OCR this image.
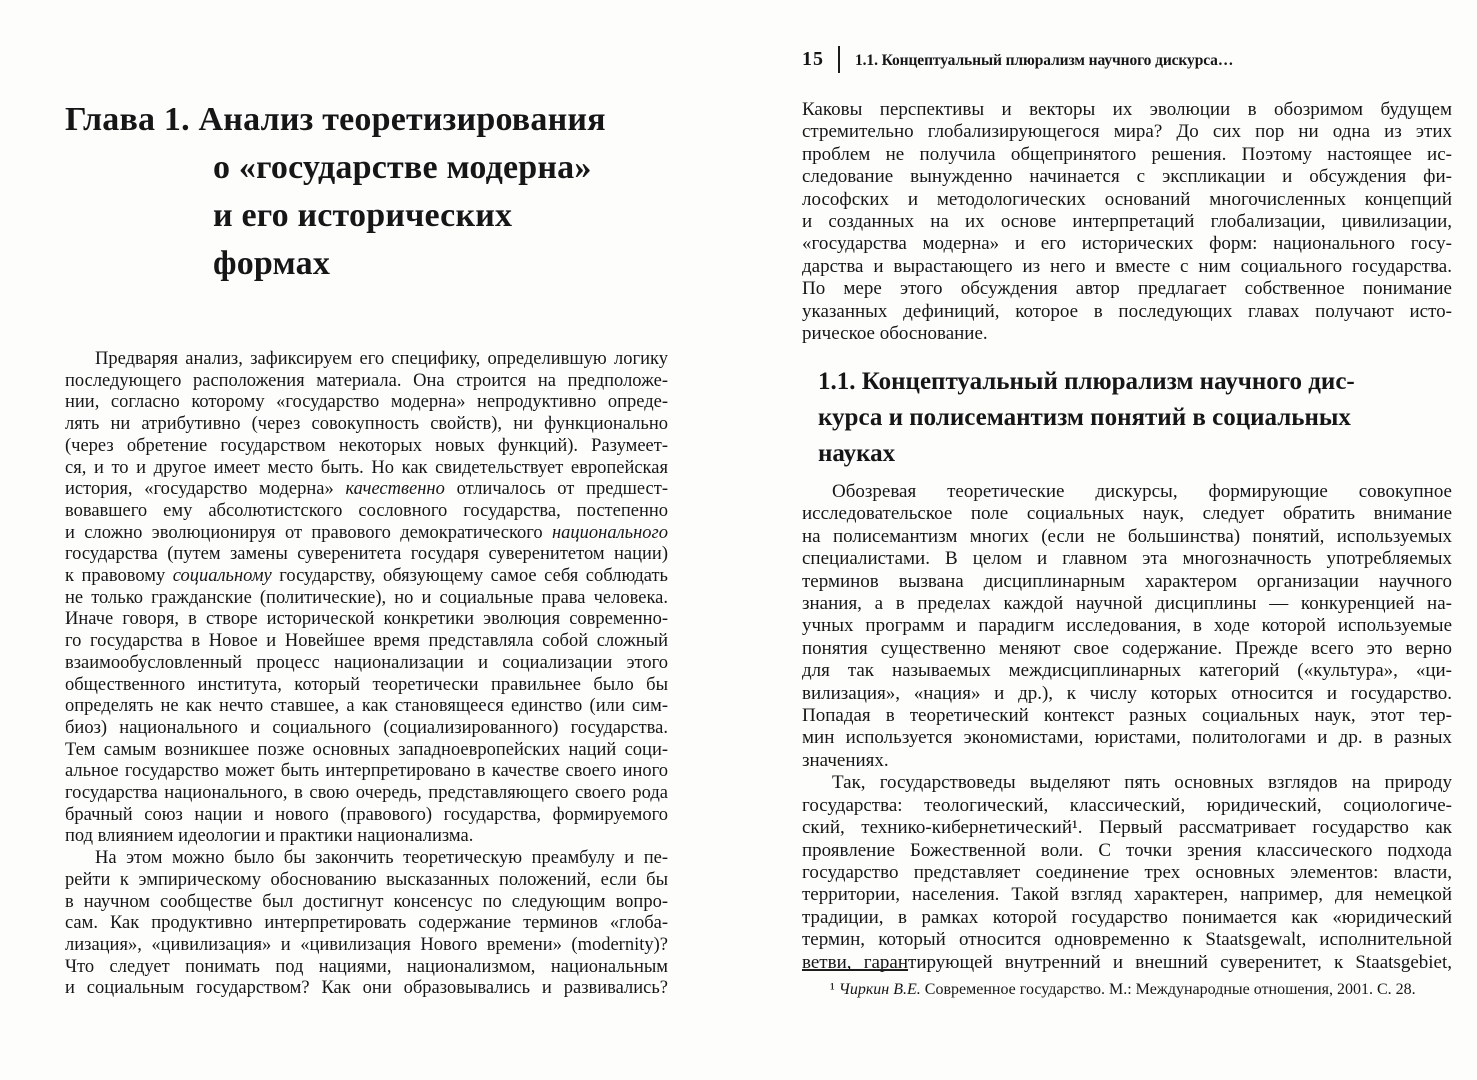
Глава 1. Анализ теоретизирования
о «государстве модерна»
и его исторических
формах
Предваряя анализ, зафиксируем его специфику, определившую логику
последующего расположения материала. Она строится на предположе-
нии, согласно которому «государство модерна» непродуктивно опреде-
лять ни атрибутивно (через совокупность свойств), ни функционально
(через обретение государством некоторых новых функций). Разумеет-
ся, и то и другое имеет место быть. Но как свидетельствует европейская
история, «государство модерна» качественно отличалось от предшест-
вовавшего ему абсолютистского сословного государства, постепенно
и сложно эволюционируя от правового демократического национального
государства (путем замены суверенитета государя суверенитетом нации)
к правовому социальному государству, обязующему самое себя соблюдать
не только гражданские (политические), но и социальные права человека.
Иначе говоря, в створе исторической конкретики эволюция современно-
го государства в Новое и Новейшее время представляла собой сложный
взаимообусловленный процесс национализации и социализации этого
общественного института, который теоретически правильнее было бы
определять не как нечто ставшее, а как становящееся единство (или сим-
биоз) национального и социального (социализированного) государства.
Тем самым возникшее позже основных западноевропейских наций соци-
альное государство может быть интерпретировано в качестве своего иного
государства национального, в свою очередь, представляющего своего рода
брачный союз нации и нового (правового) государства, формируемого
под влиянием идеологии и практики национализма.
На этом можно было бы закончить теоретическую преамбулу и пе-
рейти к эмпирическому обоснованию высказанных положений, если бы
в научном сообществе был достигнут консенсус по следующим вопро-
сам. Как продуктивно интерпретировать содержание терминов «глоба-
лизация», «цивилизация» и «цивилизация Нового времени» (modernity)?
Что следует понимать под нациями, национализмом, национальным
и социальным государством? Как они образовывались и развивались?
15 1.1. Концептуальный плюрализм научного дискурса…
Каковы перспективы и векторы их эволюции в обозримом будущем
стремительно глобализирующегося мира? До сих пор ни одна из этих
проблем не получила общепринятого решения. Поэтому настоящее ис-
следование вынужденно начинается с экспликации и обсуждения фи-
лософских и методологических оснований многочисленных концепций
и созданных на их основе интерпретаций глобализации, цивилизации,
«государства модерна» и его исторических форм: национального госу-
дарства и вырастающего из него и вместе с ним социального государства.
По мере этого обсуждения автор предлагает собственное понимание
указанных дефиниций, которое в последующих главах получают исто-
рическое обоснование.
1.1. Концептуальный плюрализм научного дис-
курса и полисемантизм понятий в социальных
науках
Обозревая теоретические дискурсы, формирующие совокупное
исследовательское поле социальных наук, следует обратить внимание
на полисемантизм многих (если не большинства) понятий, используемых
специалистами. В целом и главном эта многозначность употребляемых
терминов вызвана дисциплинарным характером организации научного
знания, а в пределах каждой научной дисциплины — конкуренцией на-
учных программ и парадигм исследования, в ходе которой используемые
понятия существенно меняют свое содержание. Прежде всего это верно
для так называемых междисциплинарных категорий («культура», «ци-
вилизация», «нация» и др.), к числу которых относится и государство.
Попадая в теоретический контекст разных социальных наук, этот тер-
мин используется экономистами, юристами, политологами и др. в разных
значениях.
Так, государствоведы выделяют пять основных взглядов на природу
государства: теологический, классический, юридический, социологиче-
ский, технико-кибернетический¹. Первый рассматривает государство как
проявление Божественной воли. С точки зрения классического подхода
государство представляет соединение трех основных элементов: власти,
территории, населения. Такой взгляд характерен, например, для немецкой
традиции, в рамках которой государство понимается как «юридический
термин, который относится одновременно к Staatsgewalt, исполнительной
ветви, гарантирующей внутренний и внешний суверенитет, к Staatsgebiet,
¹ Чиркин В.Е. Современное государство. М.: Международные отношения, 2001. С. 28.
